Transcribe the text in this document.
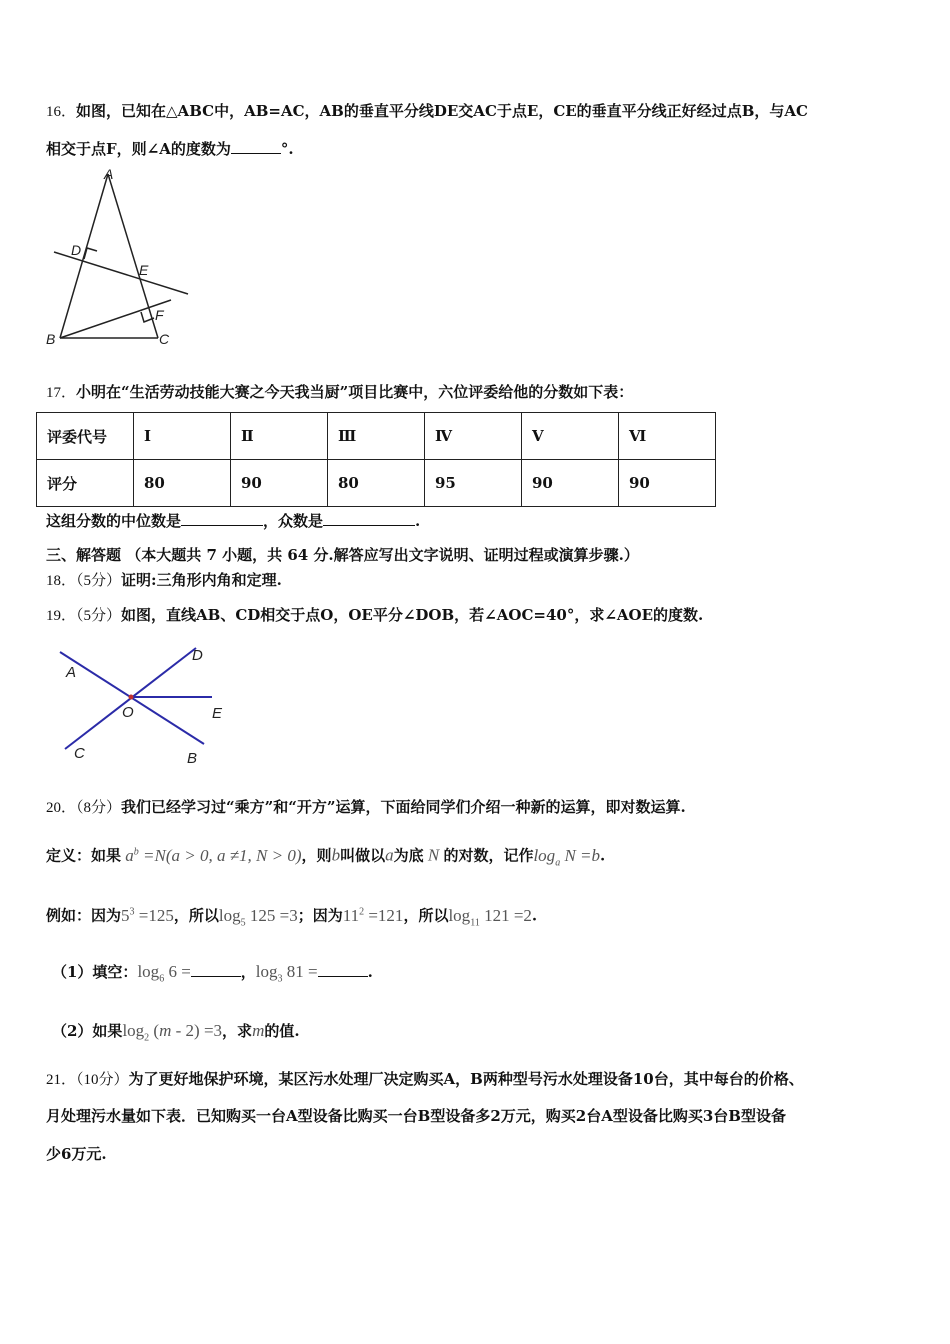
16．如图，已知在△ABC中，AB=AC，AB的垂直平分线DE交AC于点E，CE的垂直平分线正好经过点B，与AC
相交于点F，则∠A的度数为	°.
A
D
E
F
B	C
17．小明在“生活劳动技能大赛之今天我当厨”项目比赛中，六位评委给他的分数如下表：
评委代号	Ⅰ	Ⅱ	Ⅲ	Ⅳ	Ⅴ	Ⅵ
评分	80	90	80	95	90	90
这组分数的中位数是	，众数是	.
三、解答题 （本大题共 7 小题，共 64 分.解答应写出文字说明、证明过程或演算步骤.）
18．（5分）证明:三角形内角和定理.
19．（5分）如图，直线AB、CD相交于点O，OE平分∠DOB，若∠AOC=40°，求∠AOE的度数.
A
D
O	E
C	B
20．（8分）我们已经学习过“乘方”和“开方”运算，下面给同学们介绍一种新的运算，即对数运算.
定义：如果 $a^b =N(a > 0$, a ≠1, N > 0)，则b叫做以a为底 N 的对数，记作$\log_a N =b$.
例如：因为$5^3 =125$，所以$\log_5 125 =3$；因为$11^2 =121$，所以$\log_{11} 121 =2$.
（1）填空：$\log_6 6$ =	，$\log_3 81$ =	.
（2）如果$\log_2 (m - 2) =3$，求m的值.
21．（10分）为了更好地保护环境，某区污水处理厂决定购买A，B两种型号污水处理设备10台，其中每台的价格、
月处理污水量如下表．已知购买一台A型设备比购买一台B型设备多2万元，购买2台A型设备比购买3台B型设备
少6万元.
